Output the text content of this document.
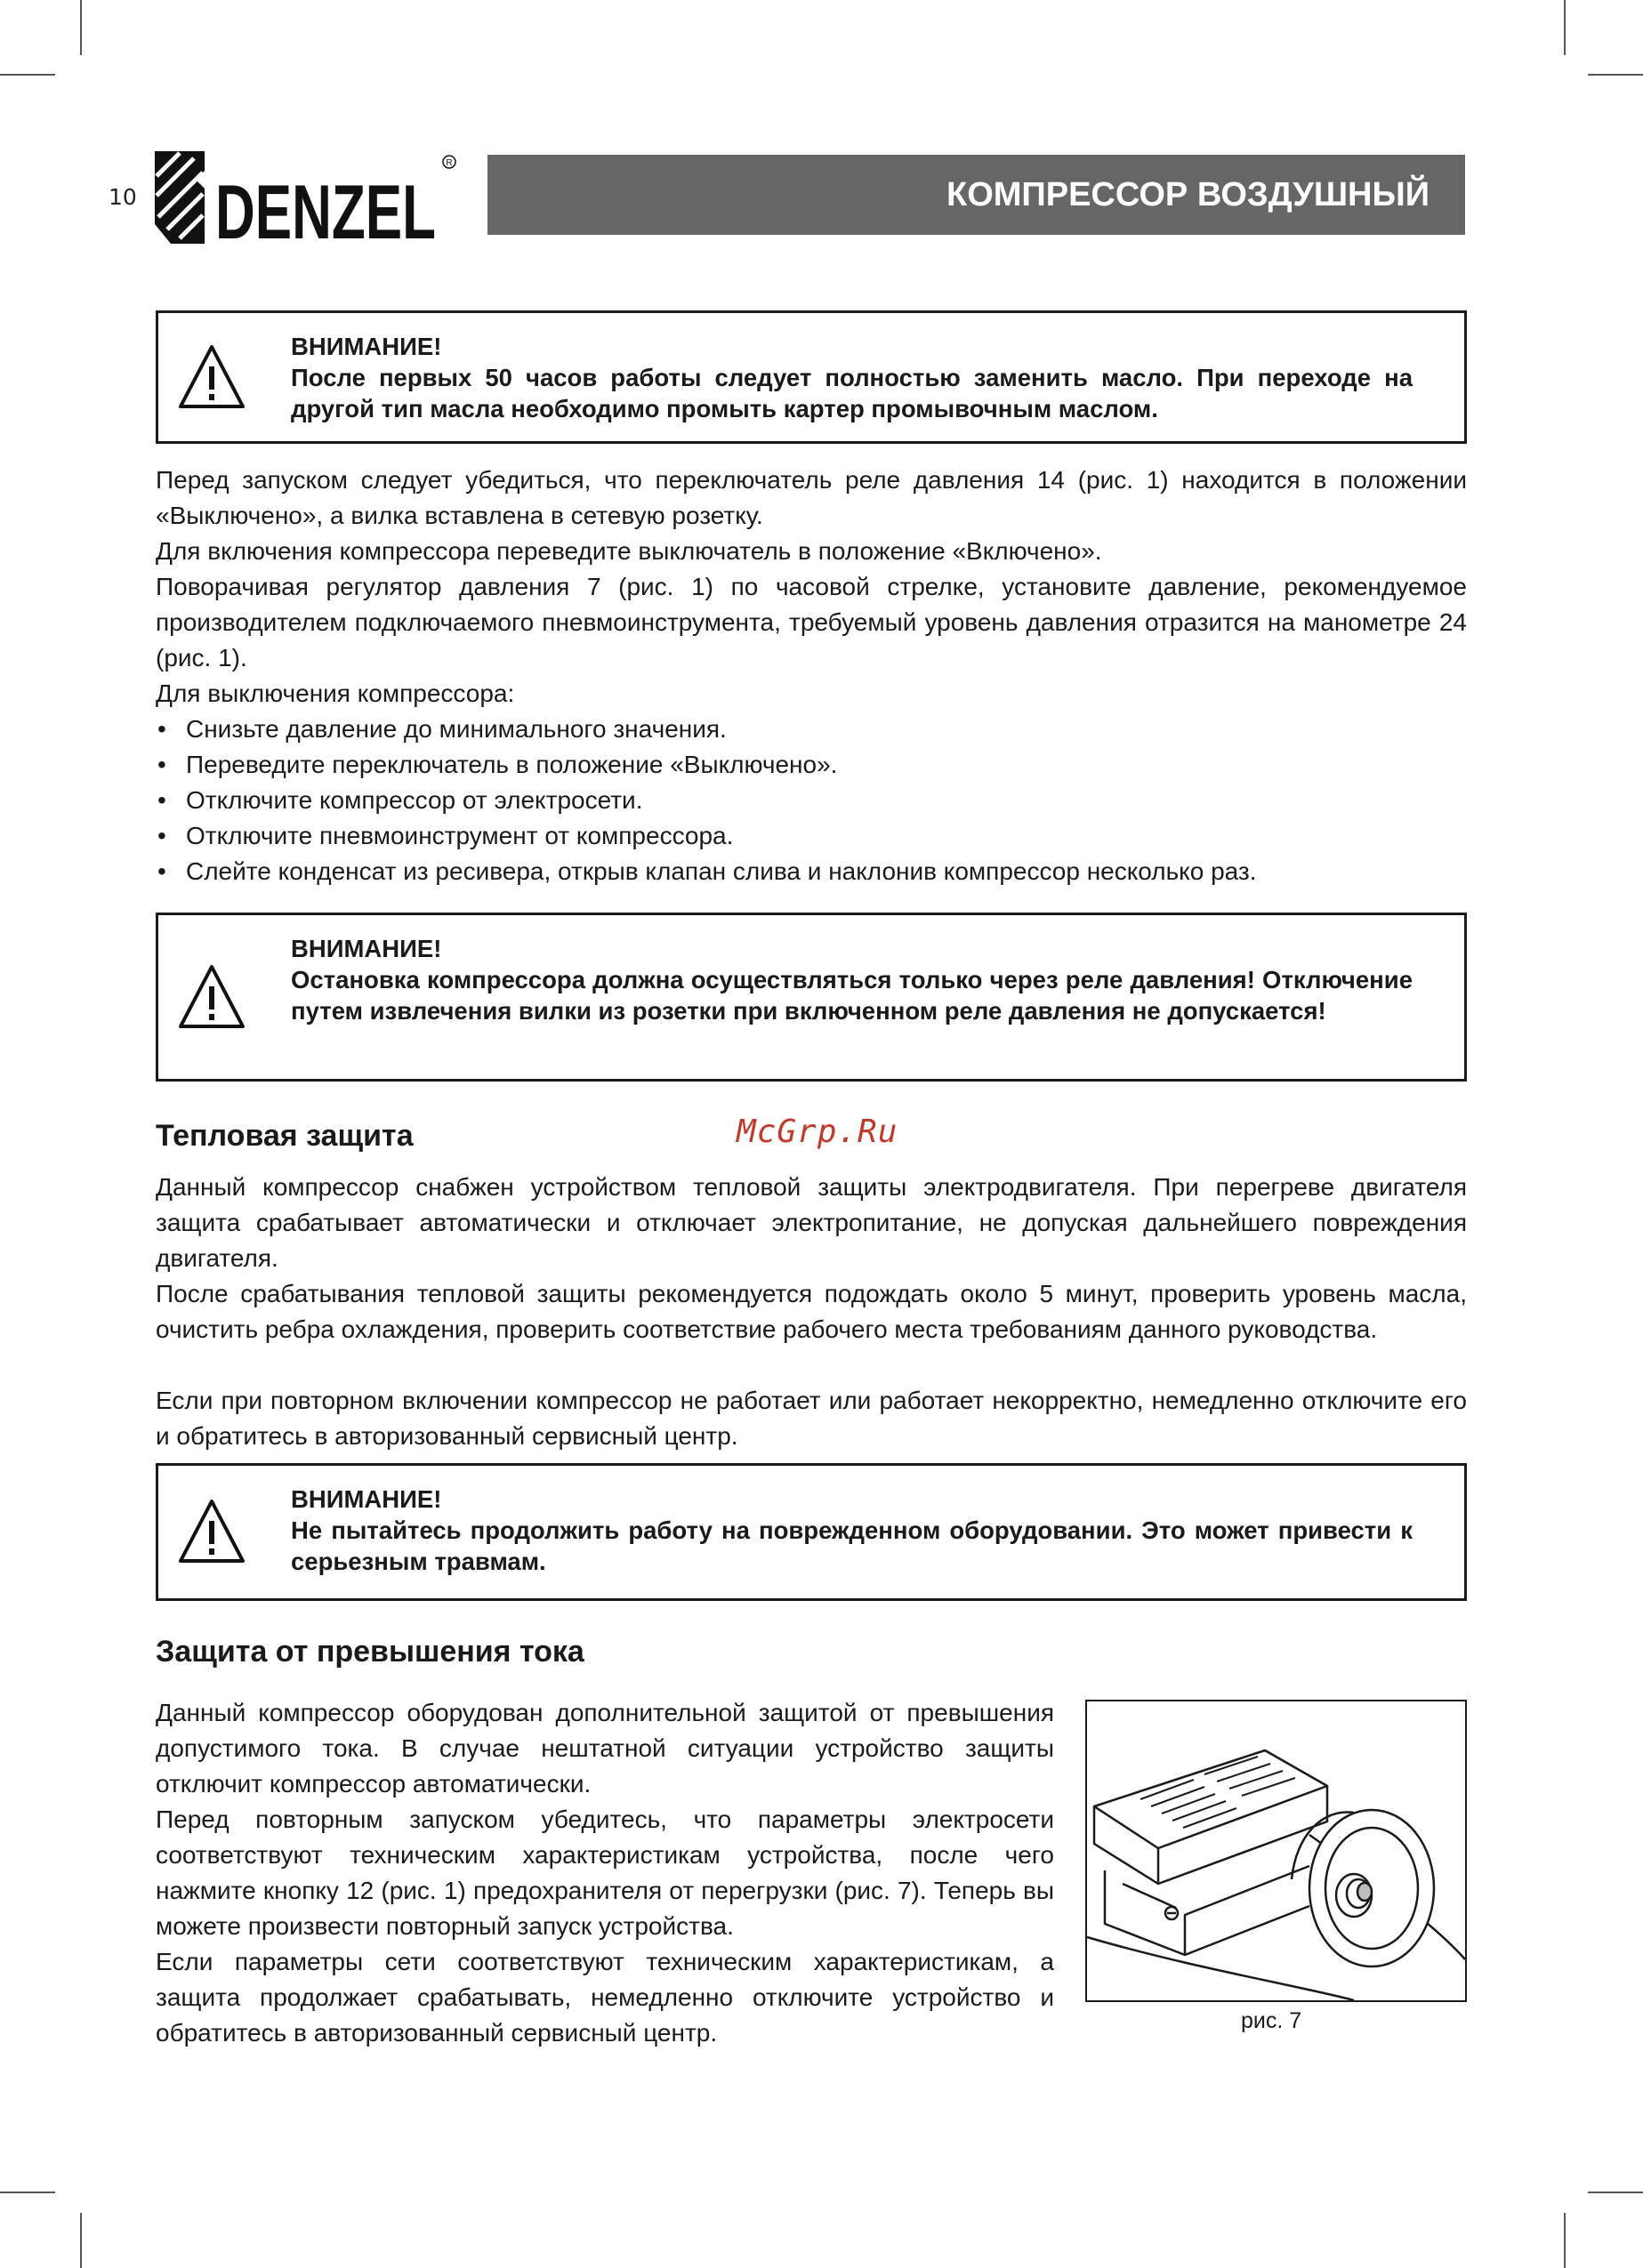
10 DENZEL
R
КОМПРЕССОР ВОЗДУШНЫЙ
ВНИМАНИЕ!
После первых 50 часов работы следует полностью заменить масло. При переходе на другой тип масла необходимо промыть картер промывочным маслом.

Перед запуском следует убедиться, что переключатель реле давления 14 (рис. 1) находится в положении «Выключено», а вилка вставлена в сетевую розетку.

Для включения компрессора переведите выключатель в положение «Включено».

Поворачивая регулятор давления 7 (рис. 1) по часовой стрелке, установите давление, рекомендуемое производителем подключаемого пневмоинструмента, требуемый уровень давления отразится на манометре 24 (рис. 1).

Для выключения компрессора:

• Снизьте давление до минимального значения.
• Переведите переключатель в положение «Выключено».
• Отключите компрессор от электросети.
• Отключите пневмоинструмент от компрессора.
• Слейте конденсат из ресивера, открыв клапан слива и наклонив компрессор несколько раз.
ВНИМАНИЕ!
Остановка компрессора должна осуществляться только через реле давления! Отключение путем извлечения вилки из розетки при включенном реле давления не допускается!
Тепловая защита	McGrp.Ru

Данный компрессор снабжен устройством тепловой защиты электродвигателя. При перегреве двигателя защита срабатывает автоматически и отключает электропитание, не допуская дальнейшего повреждения двигателя.

После срабатывания тепловой защиты рекомендуется подождать около 5 минут, проверить уровень масла, очистить ребра охлаждения, проверить соответствие рабочего места требованиям данного руководства.

Если при повторном включении компрессор не работает или работает некорректно, немедленно отключите его и обратитесь в авторизованный сервисный центр.

ВНИМАНИЕ!
Не пытайтесь продолжить работу на поврежденном оборудовании. Это может привести к серьезным травмам.
Защита от превышения тока

Данный компрессор оборудован дополнительной защитой от превышения допустимого тока. В случае нештатной ситуации устройство защиты отключит компрессор автоматически.

Перед повторным запуском убедитесь, что параметры электросети соответствуют техническим характеристикам устройства, после чего нажмите кнопку 12 (рис. 1) предохранителя от перегрузки (рис. 7). Теперь вы можете произвести повторный запуск устройства.

Если параметры сети соответствуют техническим характеристикам, а защита продолжает срабатывать, немедленно отключите устройство и обратитесь в авторизованный сервисный центр.	рис. 7
